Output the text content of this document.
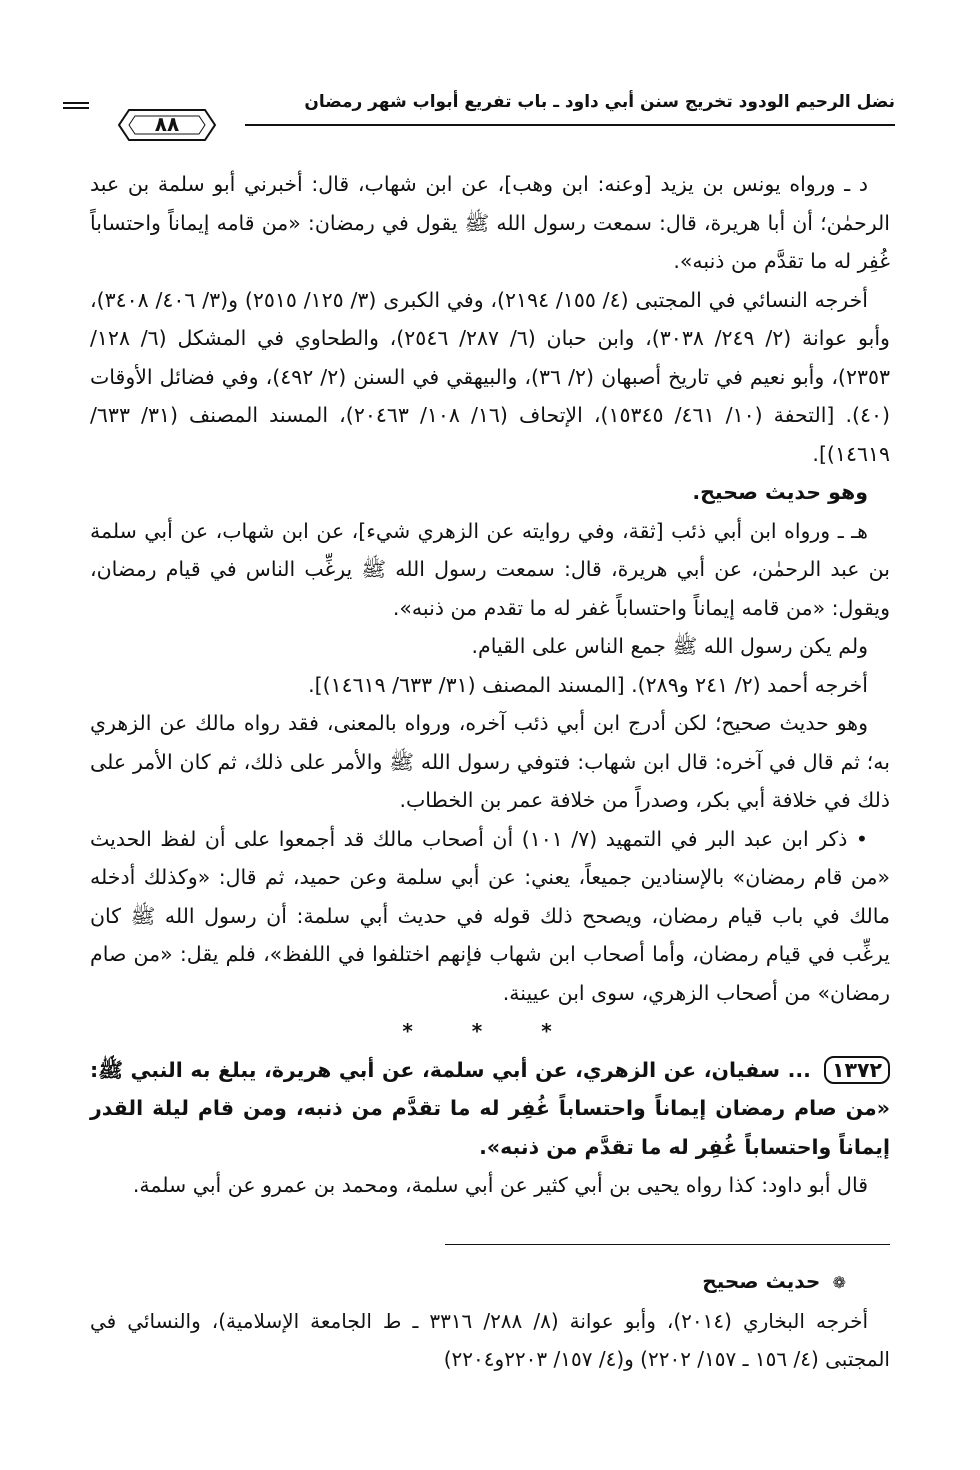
نضل الرحيم الودود تخريج سنن أبي داود ـ باب تفريع أبواب شهر رمضان
٨٨

د ـ ورواه يونس بن يزيد [وعنه: ابن وهب]، عن ابن شهاب، قال: أخبرني أبو سلمة بن عبد الرحمٰن؛ أن أبا هريرة، قال: سمعت رسول الله ﷺ يقول في رمضان: «من قامه إيماناً واحتساباً غُفِر له ما تقدَّم من ذنبه».

أخرجه النسائي في المجتبى (٤/ ١٥٥/ ٢١٩٤)، وفي الكبرى (٣/ ١٢٥/ ٢٥١٥) و(٣/ ٤٠٦/ ٣٤٠٨)، وأبو عوانة (٢/ ٢٤٩/ ٣٠٣٨)، وابن حبان (٦/ ٢٨٧/ ٢٥٤٦)، والطحاوي في المشكل (٦/ ١٢٨/ ٢٣٥٣)، وأبو نعيم في تاريخ أصبهان (٢/ ٣٦)، والبيهقي في السنن (٢/ ٤٩٢)، وفي فضائل الأوقات (٤٠). [التحفة (١٠/ ٤٦١/ ١٥٣٤٥)، الإتحاف (١٦/ ١٠٨/ ٢٠٤٦٣)، المسند المصنف (٣١/ ٦٣٣/ ١٤٦١٩)].

وهو حديث صحيح.

هـ ـ ورواه ابن أبي ذئب [ثقة، وفي روايته عن الزهري شيء]، عن ابن شهاب، عن أبي سلمة بن عبد الرحمٰن، عن أبي هريرة، قال: سمعت رسول الله ﷺ يرغِّب الناس في قيام رمضان، ويقول: «من قامه إيماناً واحتساباً غفر له ما تقدم من ذنبه».

ولم يكن رسول الله ﷺ جمع الناس على القيام.

أخرجه أحمد (٢/ ٢٤١ و٢٨٩). [المسند المصنف (٣١/ ٦٣٣/ ١٤٦١٩)].

وهو حديث صحيح؛ لكن أدرج ابن أبي ذئب آخره، ورواه بالمعنى، فقد رواه مالك عن الزهري به؛ ثم قال في آخره: قال ابن شهاب: فتوفي رسول الله ﷺ والأمر على ذلك، ثم كان الأمر على ذلك في خلافة أبي بكر، وصدراً من خلافة عمر بن الخطاب.

• ذكر ابن عبد البر في التمهيد (٧/ ١٠١) أن أصحاب مالك قد أجمعوا على أن لفظ الحديث «من قام رمضان» بالإسنادين جميعاً، يعني: عن أبي سلمة وعن حميد، ثم قال: «وكذلك أدخله مالك في باب قيام رمضان، ويصحح ذلك قوله في حديث أبي سلمة: أن رسول الله ﷺ كان يرغِّب في قيام رمضان، وأما أصحاب ابن شهاب فإنهم اختلفوا في اللفظ»، فلم يقل: «من صام رمضان» من أصحاب الزهري، سوى ابن عيينة.

* * *

١٣٧٢ ... سفيان، عن الزهري، عن أبي سلمة، عن أبي هريرة، يبلغ به النبي ﷺ: «من صام رمضان إيماناً واحتساباً غُفِر له ما تقدَّم من ذنبه، ومن قام ليلة القدر إيماناً واحتساباً غُفِر له ما تقدَّم من ذنبه».

قال أبو داود: كذا رواه يحيى بن أبي كثير عن أبي سلمة، ومحمد بن عمرو عن أبي سلمة.

❁ حديث صحيح

أخرجه البخاري (٢٠١٤)، وأبو عوانة (٨/ ٢٨٨/ ٣٣١٦ ـ ط الجامعة الإسلامية)، والنسائي في المجتبى (٤/ ١٥٦ ـ ١٥٧/ ٢٢٠٢) و(٤/ ١٥٧/ ٢٢٠٣و٢٢٠٤)
